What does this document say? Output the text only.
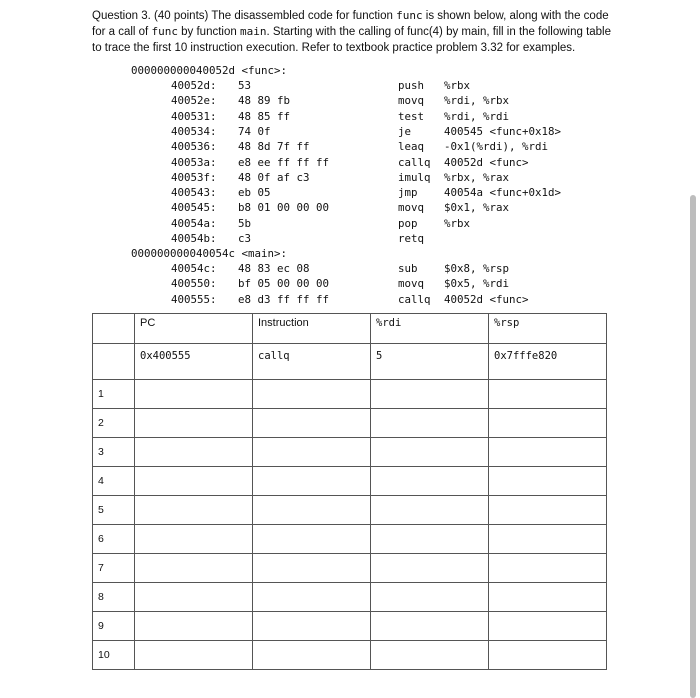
Question 3. (40 points) The disassembled code for function func is shown below, along with the code for a call of func by function main. Starting with the calling of func(4) by main, fill in the following table to trace the first 10 instruction execution. Refer to textbook practice problem 3.32 for examples.

000000000040052d <func>:

40052d: 53	push %rbx
40052e: 48 89 fb	movq %rdi, %rbx
400531: 48 85 ff	test %rdi, %rdi
400534: 74 0f	je	400545 <func+0x18>
400536: 48 8d 7f ff	leaq -0x1(%rdi), %rdi
40053a: e8 ee ff ff ff	callq 40052d <func>
40053f: 48 0f af c3	imulq %rbx, %rax
400543: eb 05	jmp 40054a <func+0x1d>
400545: b8 01 00 00 00	movq $0x1, %rax
40054a: 5b	pop %rbx
40054b: c3	retq

000000000040054c <main>:

40054c: 48 83 ec 08	sub $0x8, %rsp
400550: bf 05 00 00 00	movq $0x5, %rdi
400555: e8 d3 ff ff ff	callq 40052d <func>

	PC	Instruction	%rdi	%rsp
	0x400555	callq	5	0x7fffe820
1				
2				
3				
4				
5				
6				
7				
8				
9				
10				
